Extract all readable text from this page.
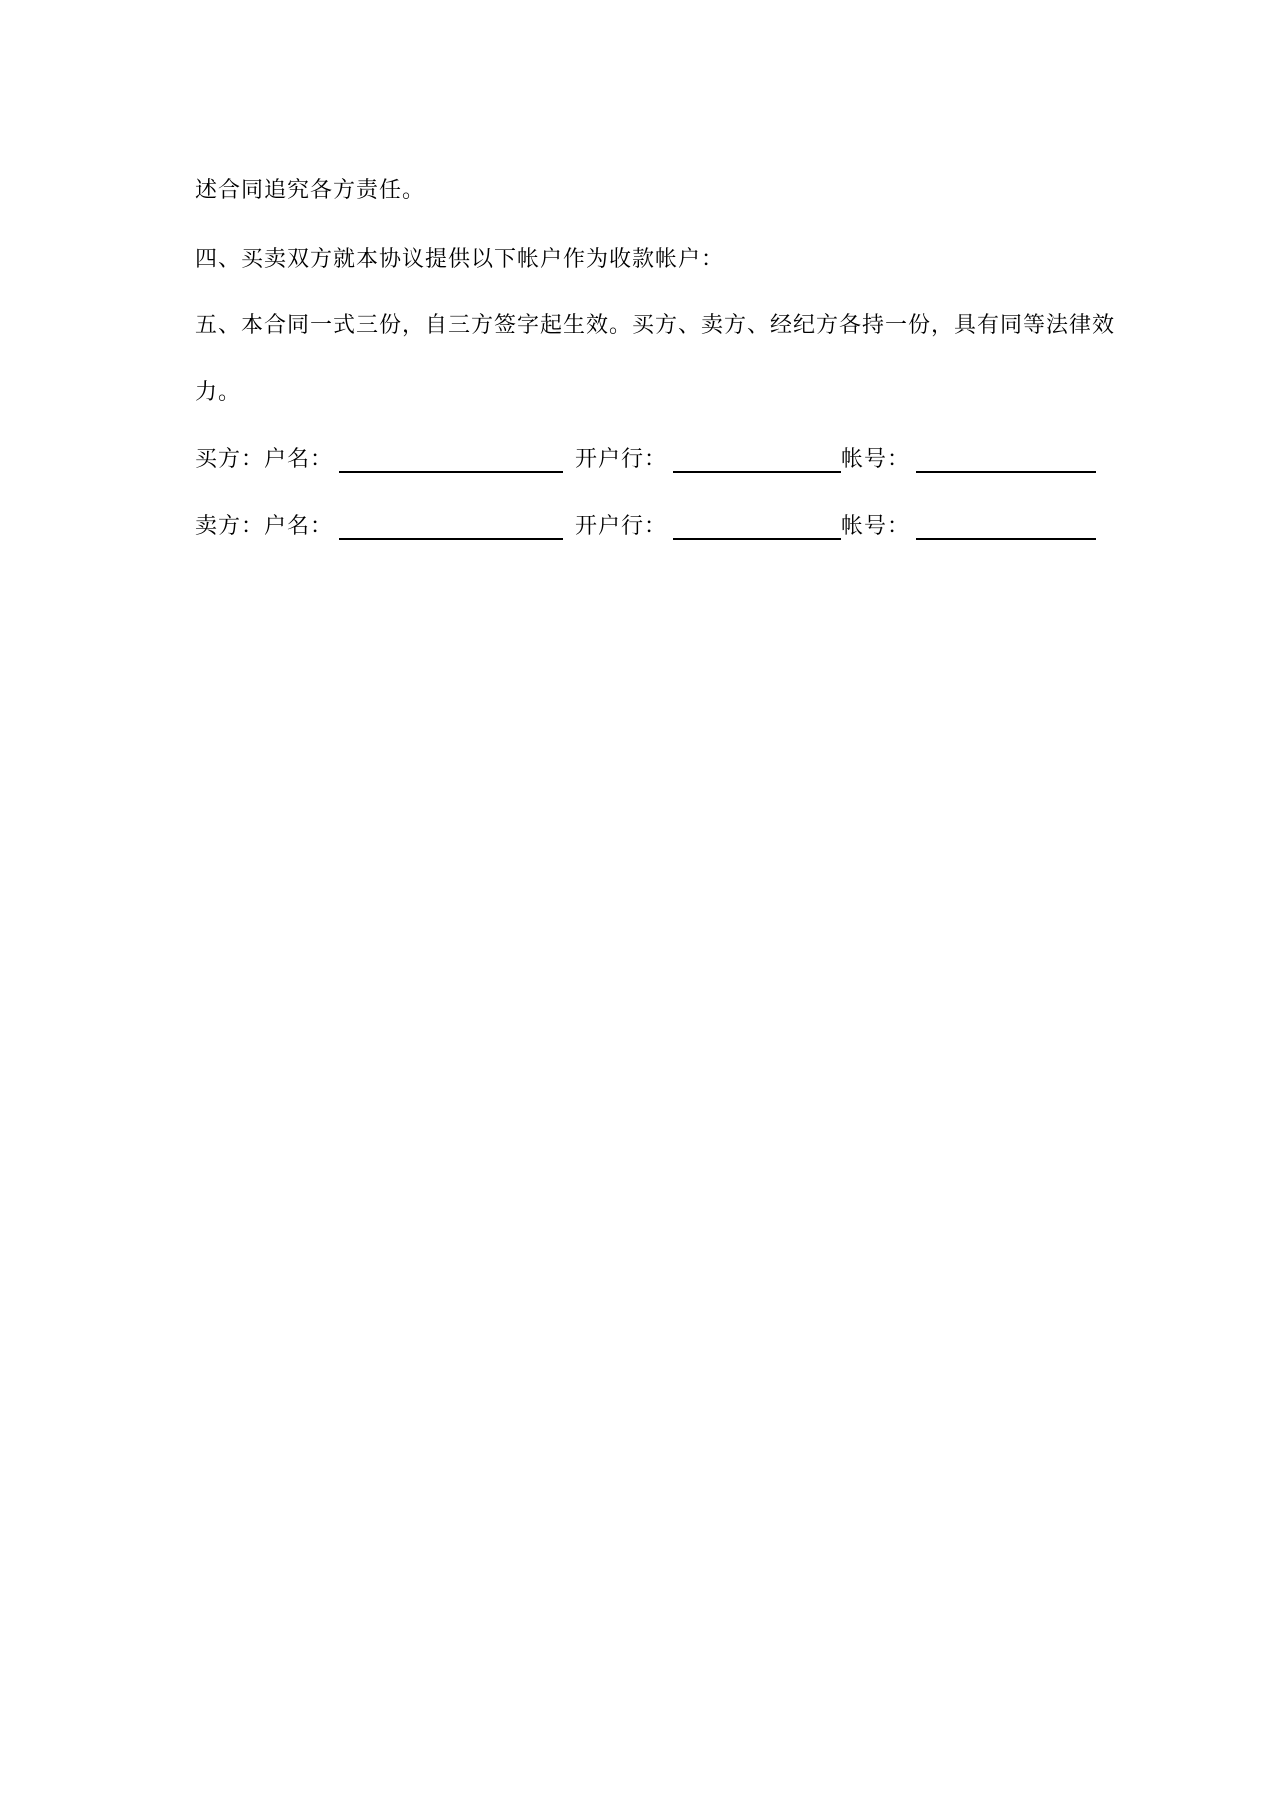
述合同追究各方责任。
四、买卖双方就本协议提供以下帐户作为收款帐户：
五、本合同一式三份，自三方签字起生效。买方、卖方、经纪方各持一份，具有同等法律效
力。
买方： 户名：	开户行：	帐号：
卖方： 户名：	开户行：	帐号：
